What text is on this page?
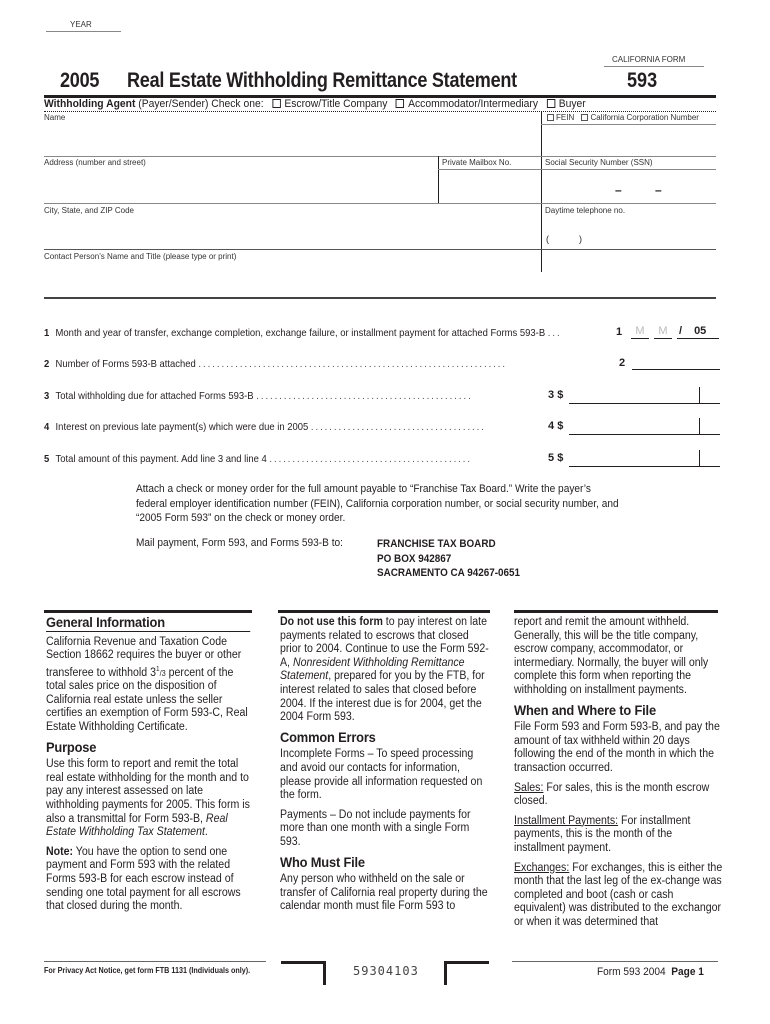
YEAR
CALIFORNIA FORM
2005 Real Estate Withholding Remittance Statement	593
Withholding Agent (Payer/Sender) Check one: Escrow/Title Company Accommodator/Intermediary Buyer
Name	FEIN California Corporation Number
Address (number and street)	Private Mailbox No.	Social Security Number (SSN)
–          –
City, State, and ZIP Code	Daytime telephone no.
(            )
Contact Person’s Name and Title (please type or print)
1 Month and year of transfer, exchange completion, exchange failure, or installment payment for attached Forms 593-B ...	1	M	M	/ 05
2 Number of Forms 593-B attached ...................................................................	2
3 Total withholding due for attached Forms 593-B ...............................................	3 $
4 Interest on previous late payment(s) which were due in 2005 ......................................	4 $
5 Total amount of this payment. Add line 3 and line 4 ............................................	5 $
Attach a check or money order for the full amount payable to “Franchise Tax Board.” Write the payer’s federal employer identification number (FEIN), California corporation number, or social security number, and “2005 Form 593” on the check or money order.
Mail payment, Form 593, and Forms 593-B to:	FRANCHISE TAX BOARD
PO BOX 942867
SACRAMENTO CA 94267-0651
General Information

California Revenue and Taxation Code Section 18662 requires the buyer or other transferee to withhold $3^1/3$ percent of the total sales price on the disposition of California real estate unless the seller certifies an exemption of Form 593-C, Real Estate Withholding Certificate.

Purpose

Use this form to report and remit the total real estate withholding for the month and to pay any interest assessed on late withholding payments for 2005. This form is also a transmittal for Form 593-B, Real Estate Withholding Tax Statement.

Note: You have the option to send one payment and Form 593 with the related Forms 593-B for each escrow instead of sending one total payment for all escrows that closed during the month.

Do not use this form to pay interest on late payments related to escrows that closed prior to 2004. Continue to use the Form 592-A, Nonresident Withholding Remittance Statement, prepared for you by the FTB, for interest related to sales that closed before 2004. If the interest due is for 2004, get the 2004 Form 593.

Common Errors

Incomplete Forms – To speed processing and avoid our contacts for information, please provide all information requested on the form.

Payments – Do not include payments for more than one month with a single Form 593.

Who Must File

Any person who withheld on the sale or transfer of California real property during the calendar month must file Form 593 to

report and remit the amount withheld. Generally, this will be the title company, escrow company, accommodator, or intermediary. Normally, the buyer will only complete this form when reporting the withholding on installment payments.

When and Where to File

File Form 593 and Form 593-B, and pay the amount of tax withheld within 20 days following the end of the month in which the transaction occurred.

Sales: For sales, this is the month escrow closed.

Installment Payments: For installment payments, this is the month of the installment payment.

Exchanges: For exchanges, this is either the month that the last leg of the ex-change was completed and boot (cash or cash equivalent) was distributed to the exchangor or when it was determined that

For Privacy Act Notice, get form FTB 1131 (Individuals only).	59304103	Form 593 2004 Page 1
